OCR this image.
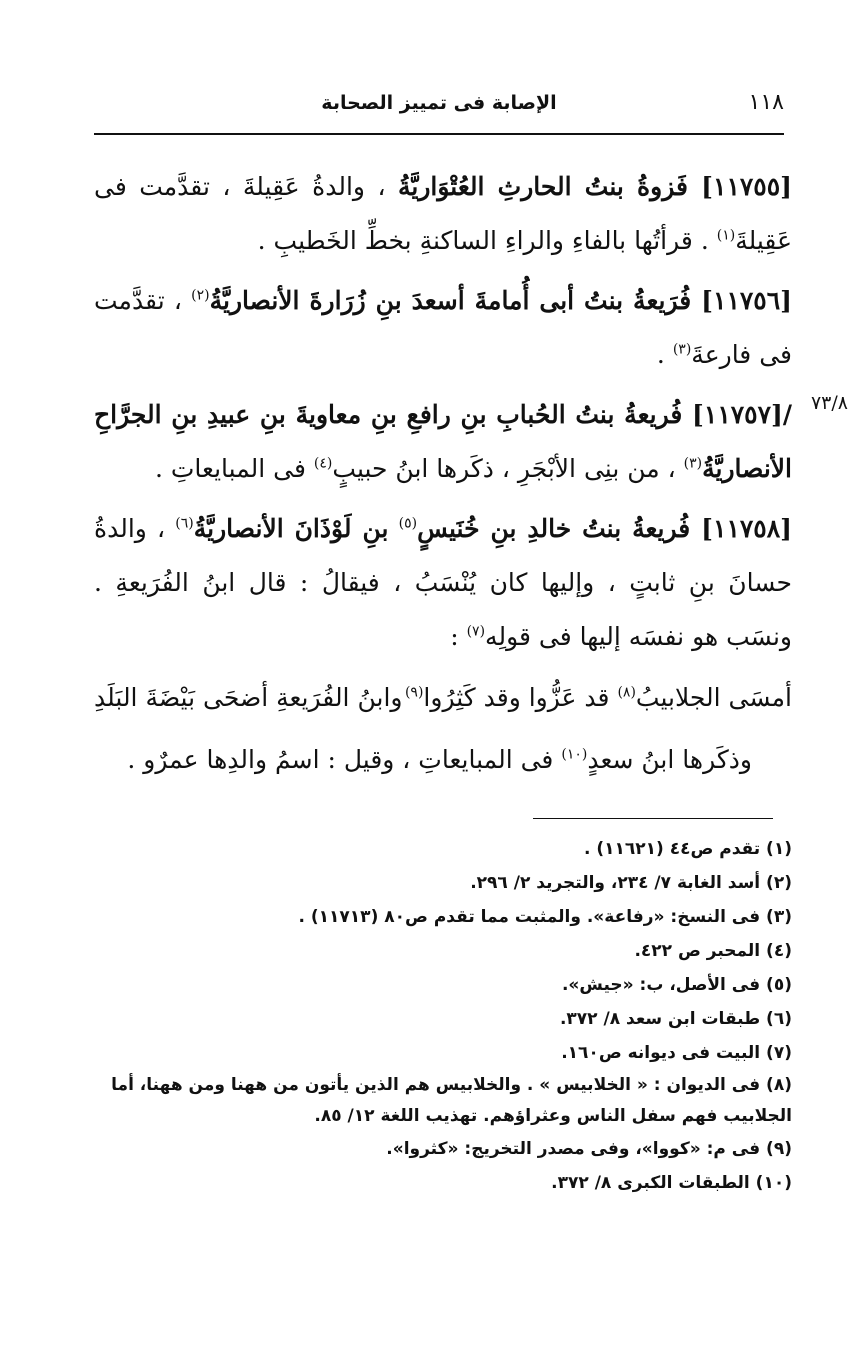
١١٨
الإصابة فى تمييز الصحابة
٧٣/٨

[١١٧٥٥] فَزوةُ بنتُ الحارثِ العُتْوَاريَّةُ ، والدةُ عَقِيلةَ ، تقدَّمت فى عَقِيلةَ$^{(١)}$ . قرأتُها بالفاءِ والراءِ الساكنةِ بخطِّ الخَطيبِ .

[١١٧٥٦] فُرَيعةُ بنتُ أبى أُمامةَ أسعدَ بنِ زُرَارةَ الأنصاريَّةُ$^{(٢)}$ ، تقدَّمت فى فارعةَ$^{(٣)}$ .

/[١١٧٥٧] فُريعةُ بنتُ الحُبابِ بنِ رافعِ بنِ معاويةَ بنِ عبيدِ بنِ الجرَّاحِ الأنصاريَّةُ$^{(٣)}$ ، من بنِى الأبْجَرِ ، ذكَرها ابنُ حبيبٍ$^{(٤)}$ فى المبايعاتِ .

[١١٧٥٨] فُريعةُ بنتُ خالدِ بنِ خُنَيسٍ$^{(٥)}$ بنِ لَوْذَانَ الأنصاريَّةُ$^{(٦)}$ ، والدةُ حسانَ بنِ ثابتٍ ، وإليها كان يُنْسَبُ ، فيقالُ : قال ابنُ الفُرَيعةِ . ونسَب هو نفسَه إليها فى قولِه$^{(٧)}$ :

أمسَى الجلابيبُ$^{(٨)}$ قد عَزُّوا وقد كَثِرُوا$^{(٩)}$
وابنُ الفُرَيعةِ أضحَى بَيْضَةَ البَلَدِ
وذكَرها ابنُ سعدٍ$^{(١٠)}$ فى المبايعاتِ ، وقيل : اسمُ والدِها عمرٌو .

(١) تقدم ص٤٤ (١١٦٢١) .

(٢) أسد الغابة ٧/ ٢٣٤، والتجريد ٢/ ٢٩٦.

(٣) فى النسخ: «رفاعة». والمثبت مما تقدم ص٨٠ (١١٧١٣) .

(٤) المحبر ص ٤٢٢.

(٥) فى الأصل، ب: «جيش».

(٦) طبقات ابن سعد ٨/ ٣٧٢.

(٧) البيت فى ديوانه ص١٦٠.

(٨) فى الديوان : « الخلابيس » . والخلابيس هم الذين يأتون من ههنا ومن ههنا، أما الجلابيب فهم سفل الناس وعثراؤهم. تهذيب اللغة ١٢/ ٨٥.

(٩) فى م: «كووا»، وفى مصدر التخريج: «كثروا».

(١٠) الطبقات الكبرى ٨/ ٣٧٢.
